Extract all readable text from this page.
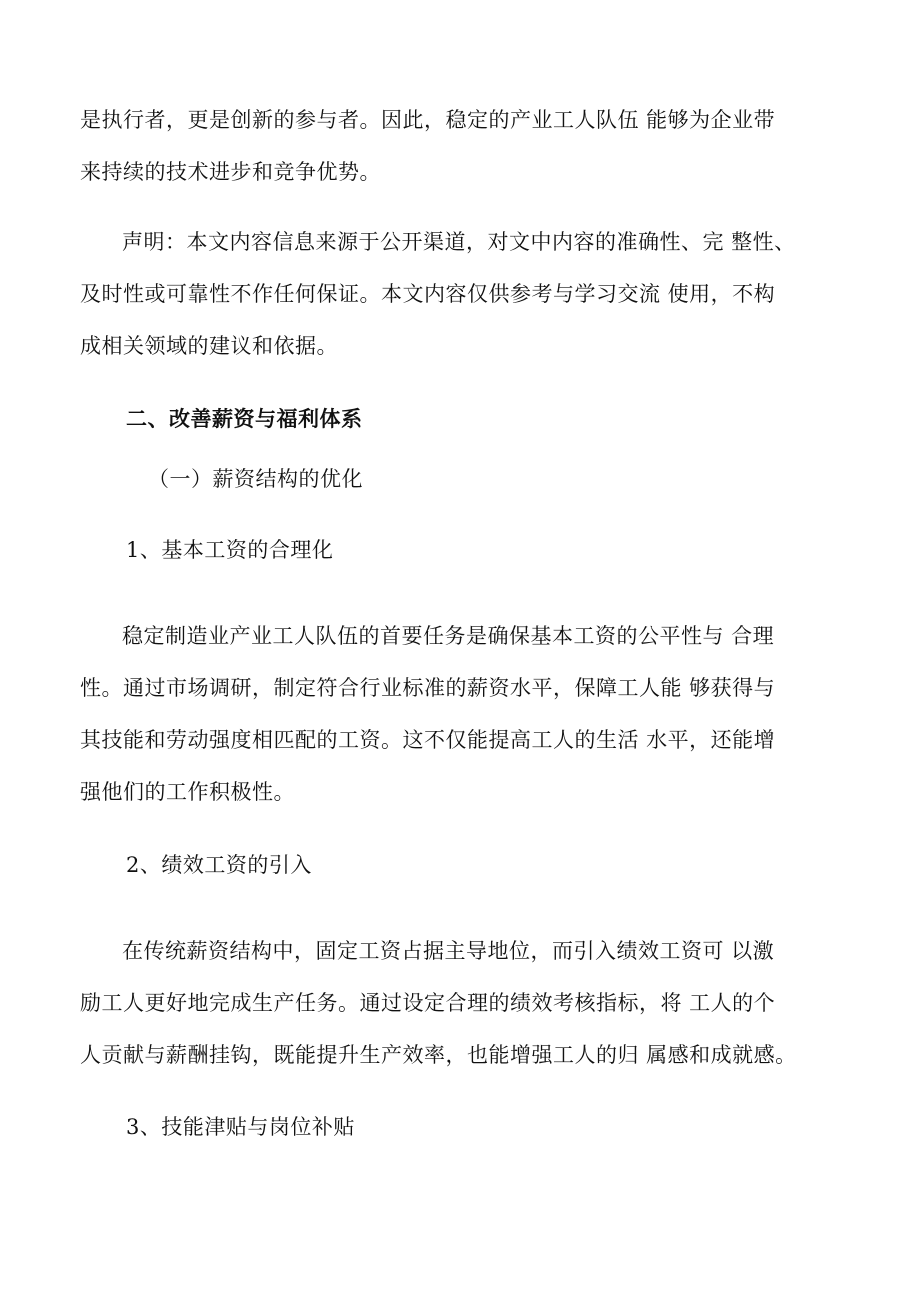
是执行者，更是创新的参与者。因此，稳定的产业工人队伍 能够为企业带
来持续的技术进步和竞争优势。

声明：本文内容信息来源于公开渠道，对文中内容的准确性、完 整性、
及时性或可靠性不作任何保证。本文内容仅供参考与学习交流 使用，不构
成相关领域的建议和依据。

二、改善薪资与福利体系
（一）薪资结构的优化
1、基本工资的合理化

稳定制造业产业工人队伍的首要任务是确保基本工资的公平性与 合理
性。通过市场调研，制定符合行业标准的薪资水平，保障工人能 够获得与
其技能和劳动强度相匹配的工资。这不仅能提高工人的生活 水平，还能增
强他们的工作积极性。

2、绩效工资的引入

在传统薪资结构中，固定工资占据主导地位，而引入绩效工资可 以激
励工人更好地完成生产任务。通过设定合理的绩效考核指标，将 工人的个
人贡献与薪酬挂钩，既能提升生产效率，也能增强工人的归 属感和成就感。

3、技能津贴与岗位补贴
